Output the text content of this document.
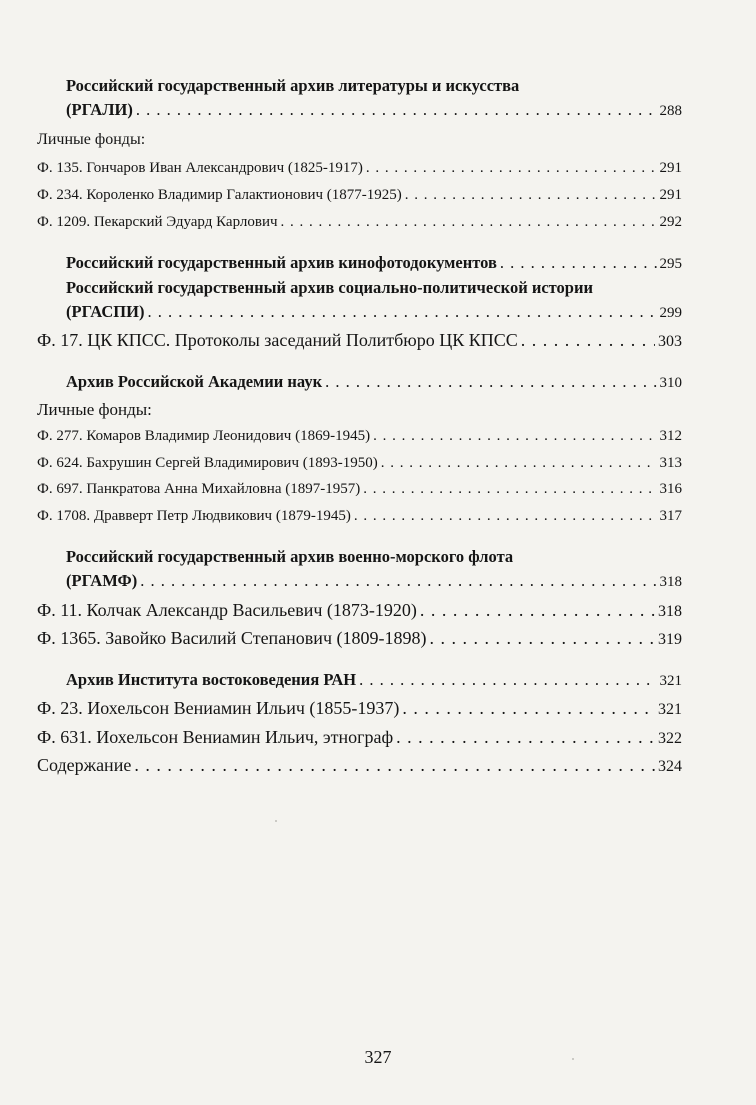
Российский государственный архив литературы и искусства
(РГАЛИ) . . .	288
Личные фонды:
Ф. 135. Гончаров Иван Александрович (1825-1917) . . .	291
Ф. 234. Короленко Владимир Галактионович (1877-1925) . . .	291
Ф. 1209. Пекарский Эдуард Карлович . . .	292
Российский государственный архив кинофотодокументов . . .	295
Российский государственный архив социально-политической истории
(РГАСПИ) . . .	299
Ф. 17. ЦК КПСС. Протоколы заседаний Политбюро ЦК КПСС . . .	303
Архив Российской Академии наук . . .	310
Личные фонды:
Ф. 277. Комаров Владимир Леонидович (1869-1945) . . .	312
Ф. 624. Бахрушин Сергей Владимирович (1893-1950) . . .	313
Ф. 697. Панкратова Анна Михайловна (1897-1957) . . .	316
Ф. 1708. Дравверт Петр Людвикович (1879-1945) . . .	317
Российский государственный архив военно-морского флота
(РГАМФ) . . .	318
Ф. 11. Колчак Александр Васильевич (1873-1920) . . .	318
Ф. 1365. Завойко Василий Степанович (1809-1898) . . .	319
Архив Института востоковедения РАН . . .	321
Ф. 23. Иохельсон Вениамин Ильич (1855-1937) . . .	321
Ф. 631. Иохельсон Вениамин Ильич, этнограф . . .	322
Содержание . . .	324
327
